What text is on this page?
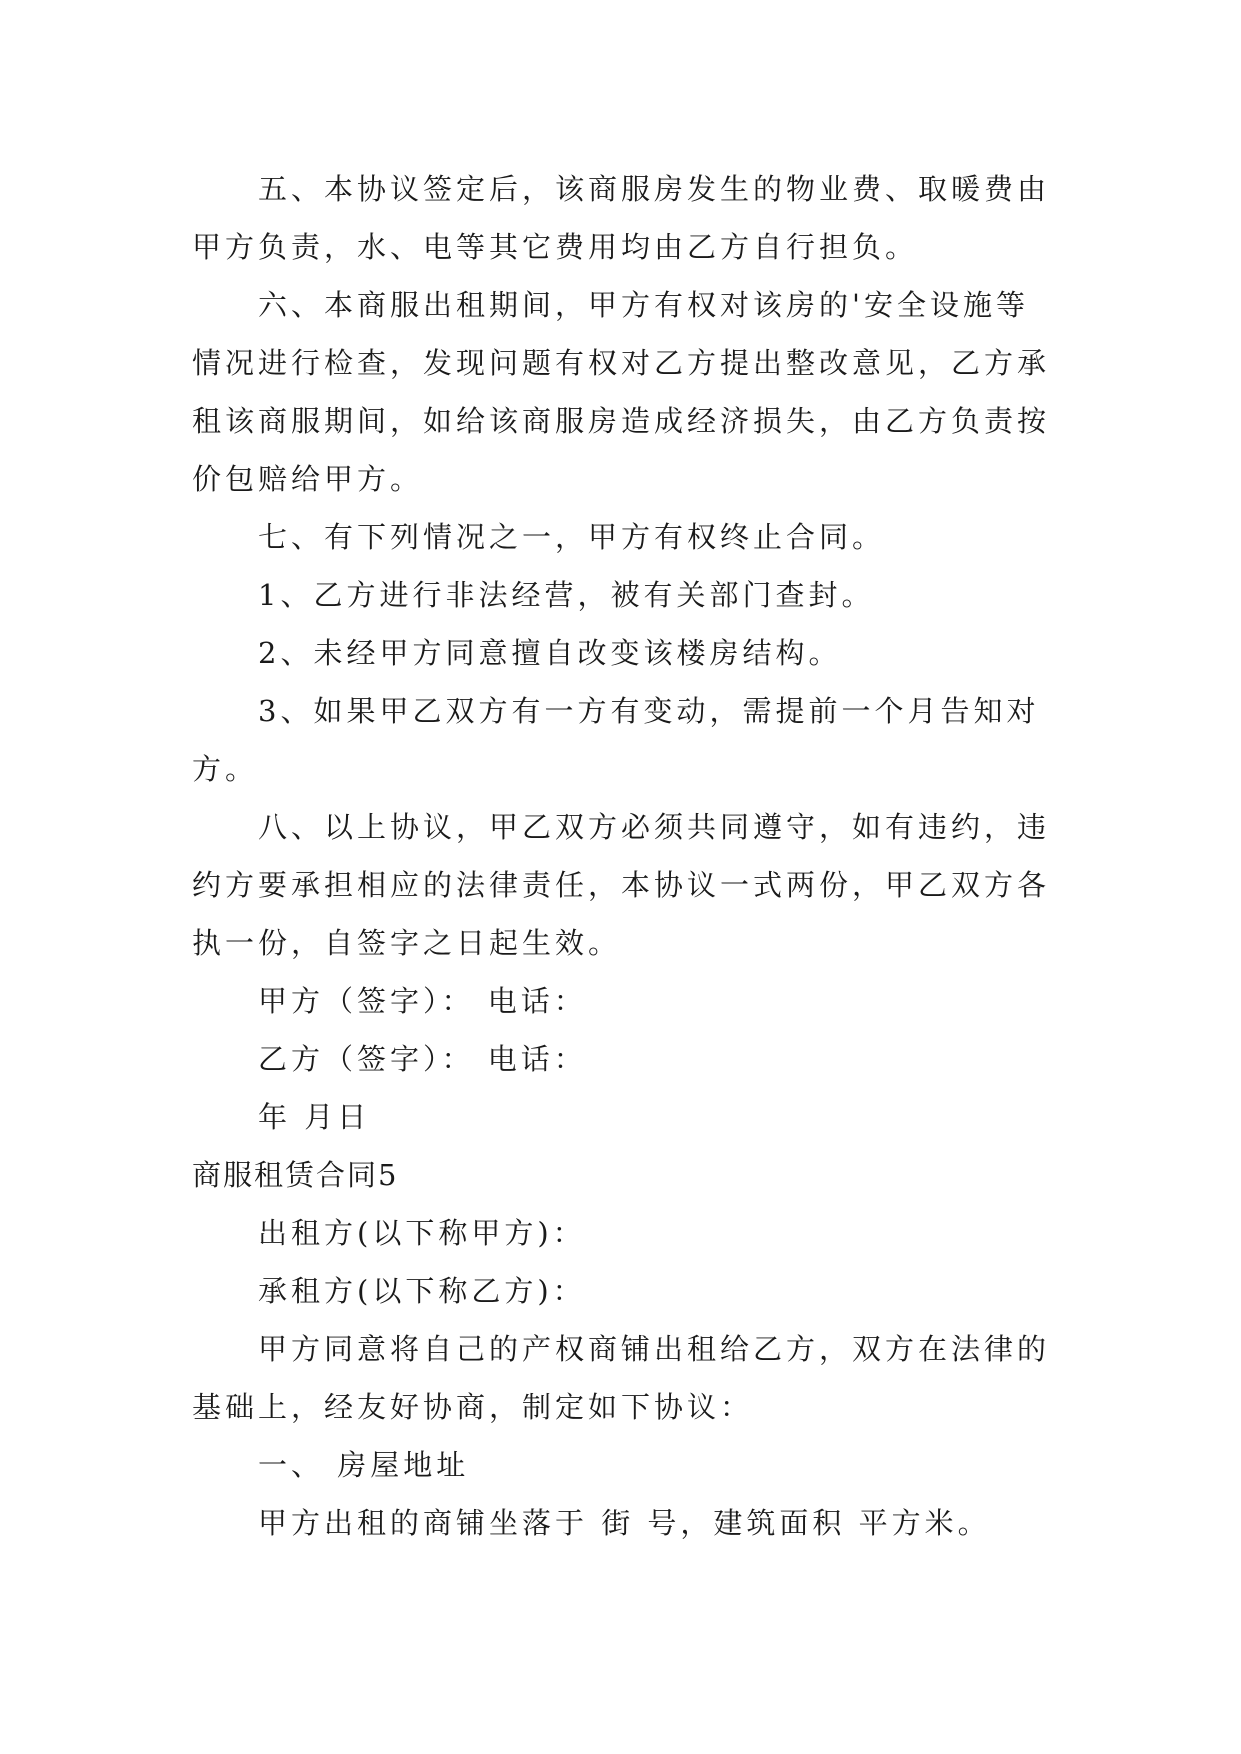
五、本协议签定后，该商服房发生的物业费、取暖费由

甲方负责，水、电等其它费用均由乙方自行担负。

六、本商服出租期间，甲方有权对该房的'安全设施等

情况进行检查，发现问题有权对乙方提出整改意见，乙方承

租该商服期间，如给该商服房造成经济损失，由乙方负责按

价包赔给甲方。

七、有下列情况之一，甲方有权终止合同。

1、乙方进行非法经营，被有关部门查封。

2、未经甲方同意擅自改变该楼房结构。

3、如果甲乙双方有一方有变动，需提前一个月告知对

方。

八、以上协议，甲乙双方必须共同遵守，如有违约，违

约方要承担相应的法律责任，本协议一式两份，甲乙双方各

执一份，自签字之日起生效。

甲方（签字）： 电话：

乙方（签字）： 电话：

年 月日

商服租赁合同5

出租方(以下称甲方)：

承租方(以下称乙方)：

甲方同意将自己的产权商铺出租给乙方，双方在法律的

基础上，经友好协商，制定如下协议：

一、 房屋地址

甲方出租的商铺坐落于 街 号，建筑面积 平方米。
